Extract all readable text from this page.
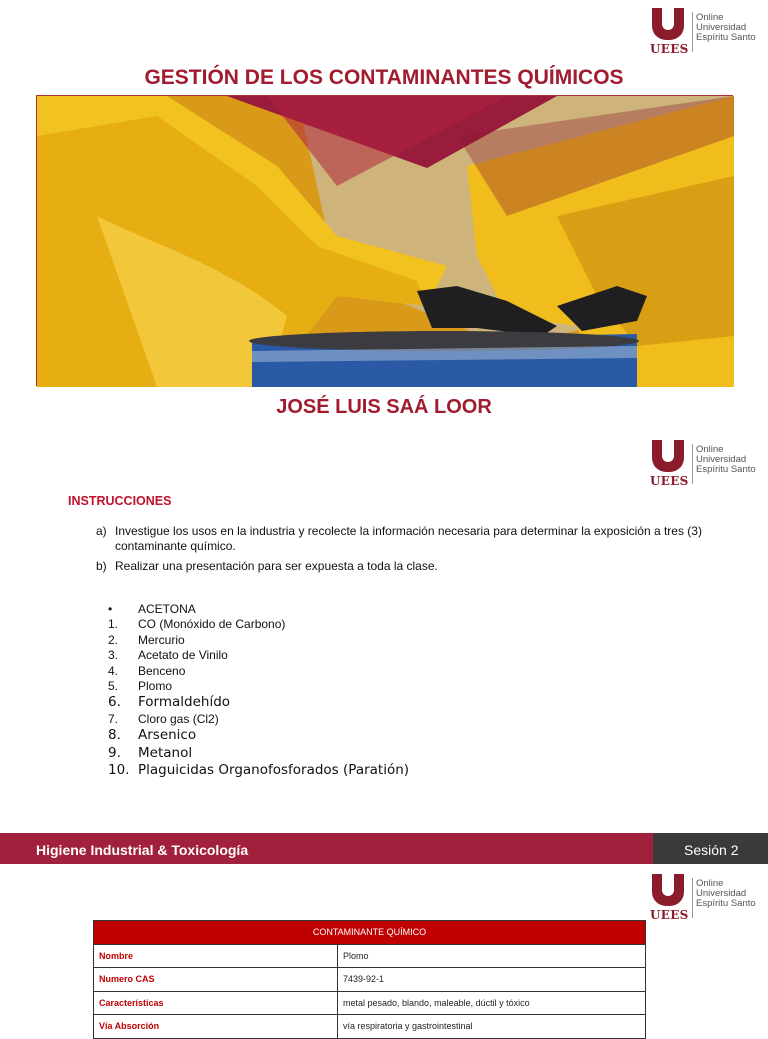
UEES
Online
Universidad
Espíritu Santo
GESTIÓN DE LOS CONTAMINANTES QUÍMICOS
JOSÉ LUIS SAÁ LOOR
UEES
Online
Universidad
Espíritu Santo
INSTRUCCIONES
a) Investigue los usos en la industria y recolecte la información necesaria para determinar la exposición a tres (3) contaminante químico.
b) Realizar una presentación para ser expuesta a toda la clase.
• ACETONA
1. CO (Monóxido de Carbono)
2. Mercurio
3. Acetato de Vinilo
4. Benceno
5. Plomo
6. Formaldehído
7. Cloro gas (Cl2)
8. Arsenico
9. Metanol
10. Plaguicidas Organofosforados (Paratión)
Higiene Industrial & Toxicología	Sesión 2
UEES
Online
Universidad
Espíritu Santo
CONTAMINANTE QUÍMICO	
Nombre	Plomo
Numero CAS	7439-92-1
Características	metal pesado, blando, maleable, dúctil y tóxico
Vía Absorción	vía respiratoria y gastrointestinal
